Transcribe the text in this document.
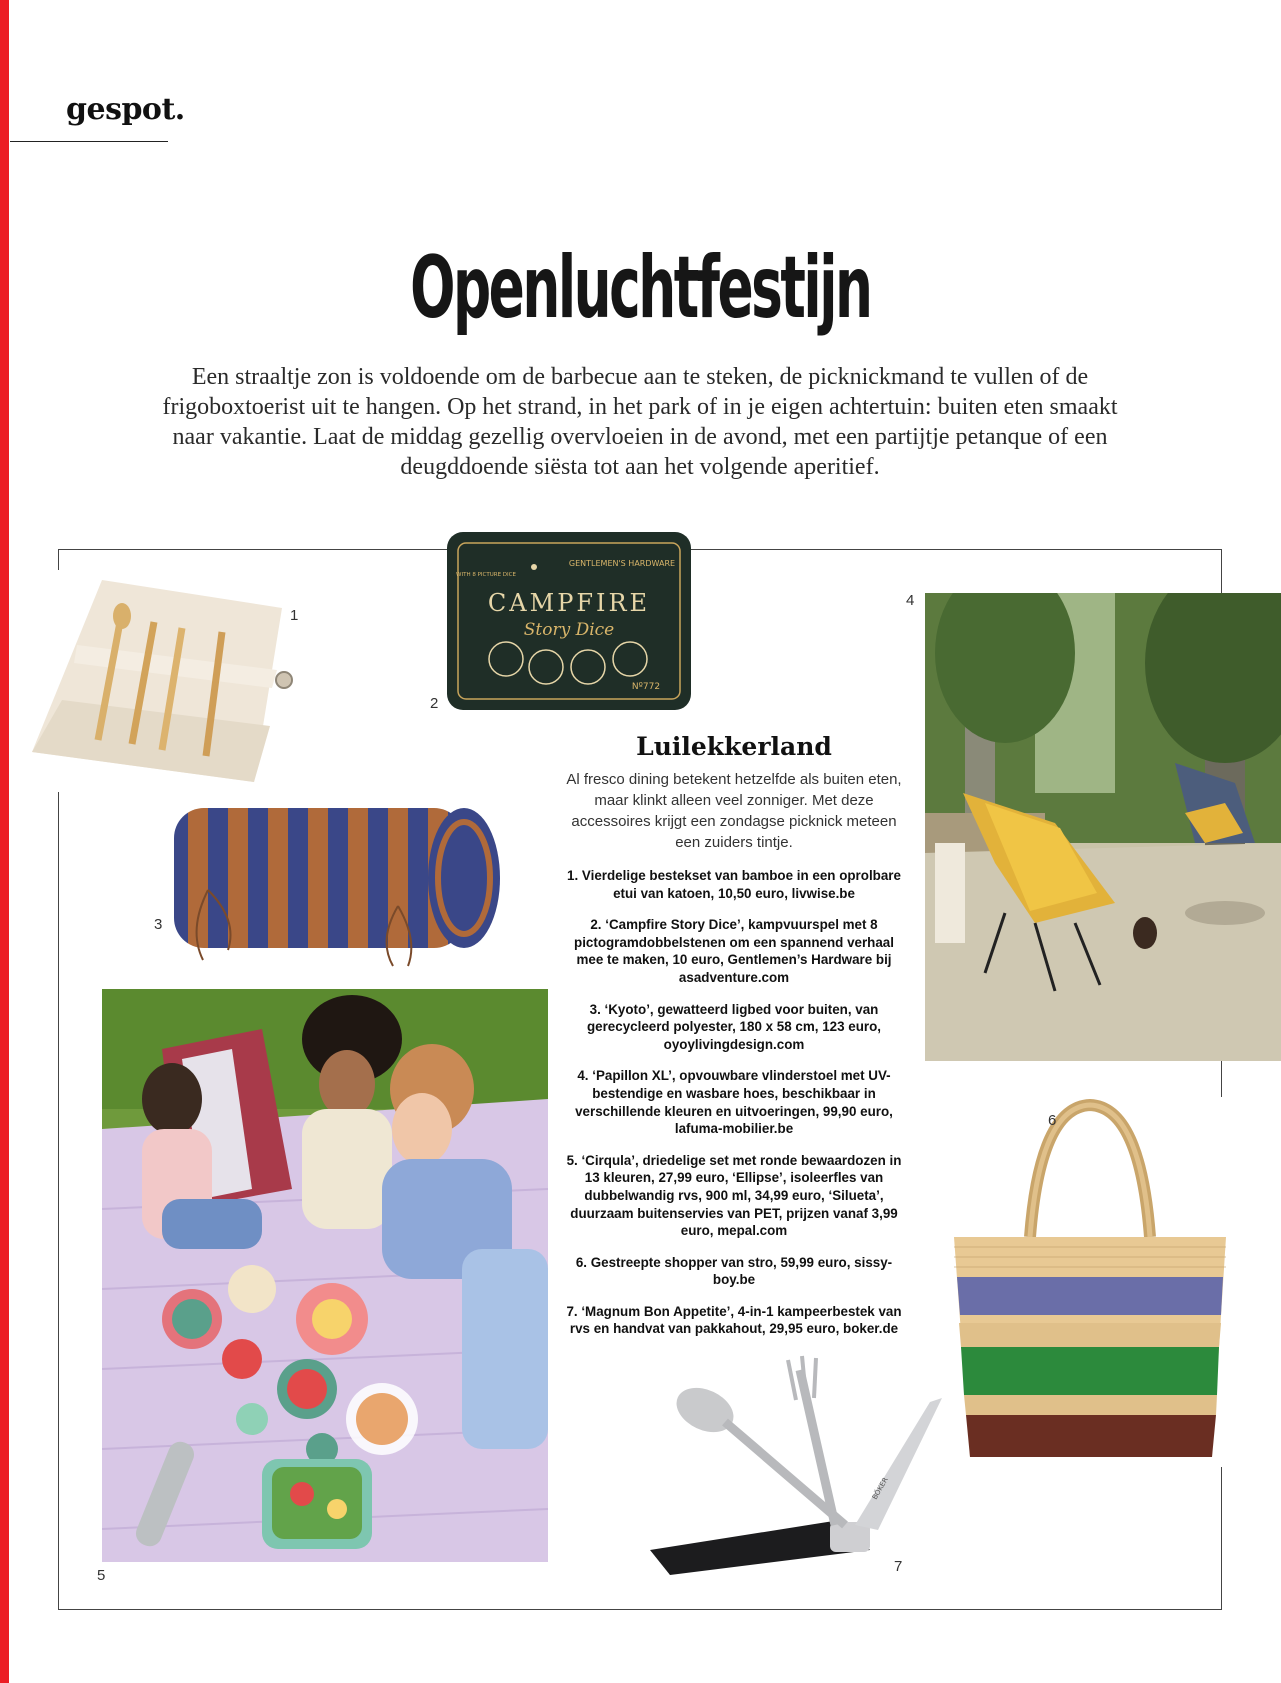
gespot.
Openluchtfestijn
Een straaltje zon is voldoende om de barbecue aan te steken, de picknickmand te vullen of de frigoboxtoerist uit te hangen. Op het strand, in het park of in je eigen achtertuin: buiten eten smaakt naar vakantie. Laat de middag gezellig overvloeien in de avond, met een partijtje petanque of een deugddoende siësta tot aan het volgende aperitief.
1
GENTLEMEN'S HARDWARE
WITH 8 PICTURE DICE
CAMPFIRE
Story Dice
Nº772
2
3
4
5
6
BÖKER
7
Luilekkerland

Al fresco dining betekent hetzelfde als buiten eten, maar klinkt alleen veel zonniger. Met deze accessoires krijgt een zondagse picknick meteen een zuiders tintje.

1. Vierdelige bestekset van bamboe in een oprolbare etui van katoen, 10,50 euro, livwise.be

2. ‘Campfire Story Dice’, kampvuurspel met 8 pictogramdobbelstenen om een spannend verhaal mee te maken, 10 euro, Gentlemen’s Hardware bij asadventure.com

3. ‘Kyoto’, gewatteerd ligbed voor buiten, van gerecycleerd polyester, 180 x 58 cm, 123 euro, oyoylivingdesign.com

4. ‘Papillon XL’, opvouwbare vlinderstoel met UV-bestendige en wasbare hoes, beschikbaar in verschillende kleuren en uitvoeringen, 99,90 euro, lafuma-mobilier.be

5. ‘Cirqula’, driedelige set met ronde bewaardozen in 13 kleuren, 27,99 euro, ‘Ellipse’, isoleerfles van dubbelwandig rvs, 900 ml, 34,99 euro, ‘Silueta’, duurzaam buitenservies van PET, prijzen vanaf 3,99 euro, mepal.com

6. Gestreepte shopper van stro, 59,99 euro, sissy-boy.be

7. ‘Magnum Bon Appetite’, 4-in-1 kampeerbestek van rvs en handvat van pakkahout, 29,95 euro, boker.de
